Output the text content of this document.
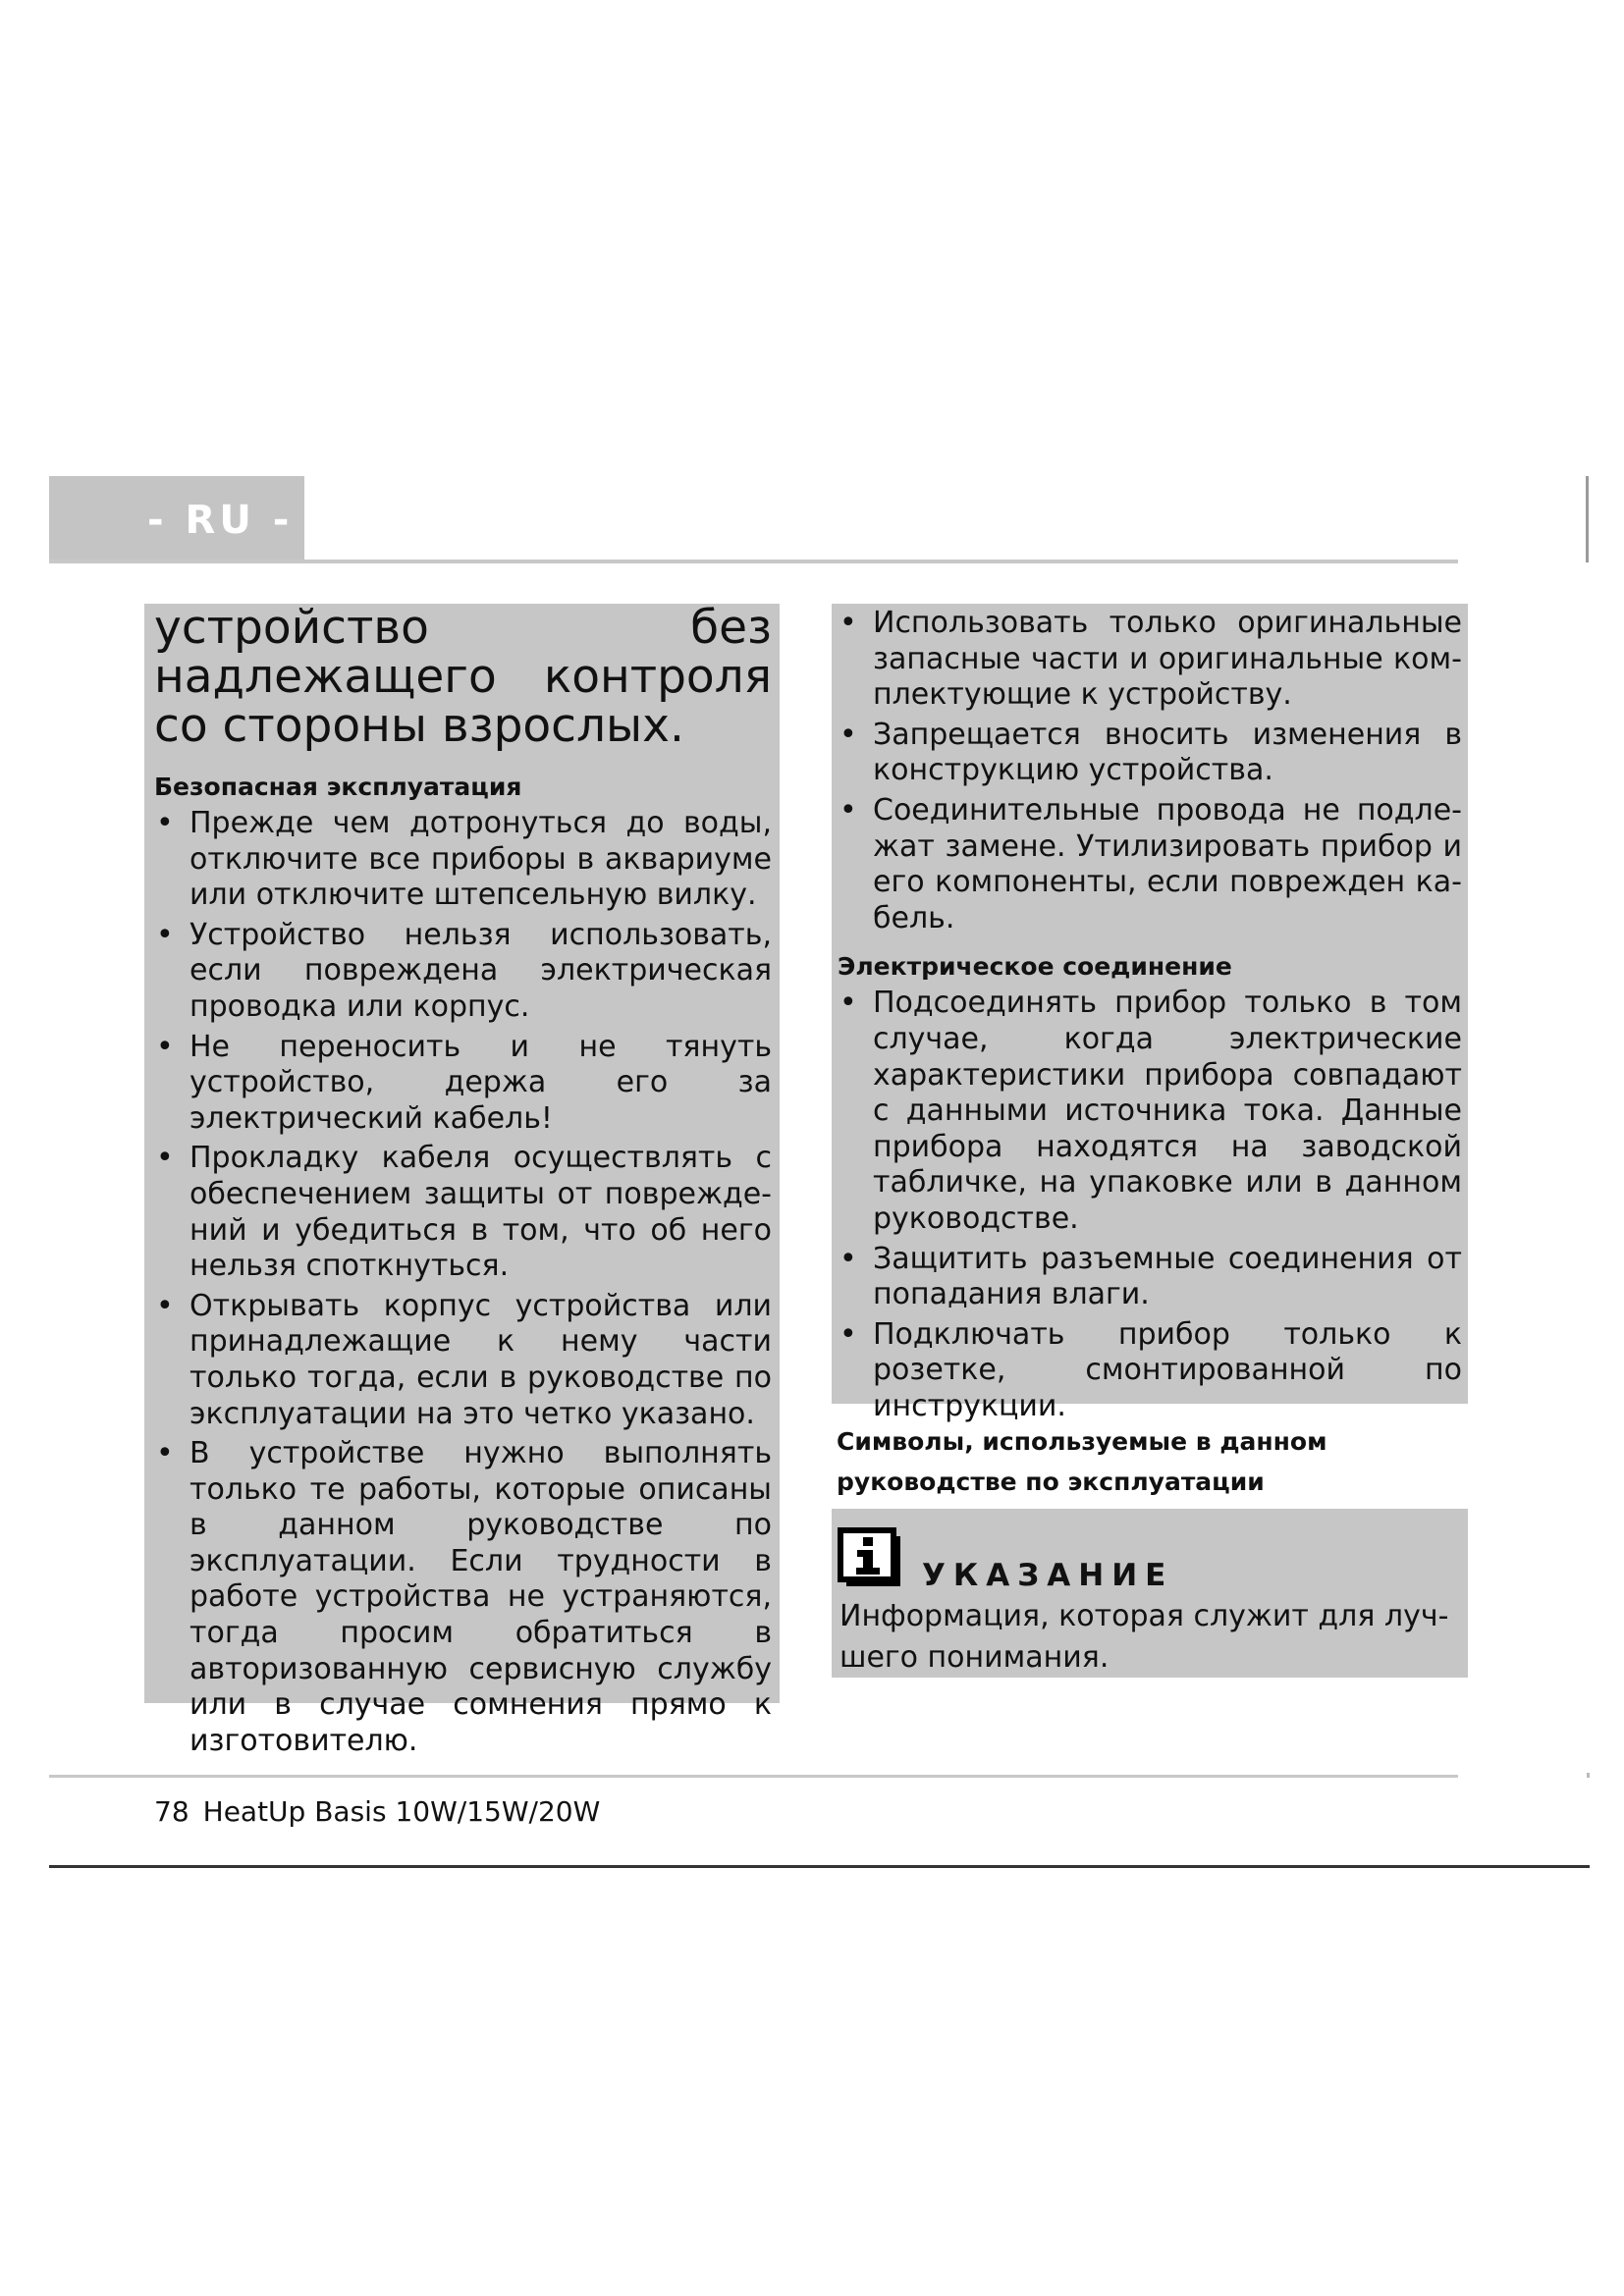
- RU -

устройство без надлежащего контроля со стороны взрослых.

Безопасная эксплуатация
• Прежде чем дотронуться до воды, отключите все приборы в аквариуме или отключите штепсельную вилку.
• Устройство нельзя использовать, если повреждена электрическая проводка или корпус.
• Не переносить и не тянуть устройство, держа его за электрический кабель!
• Прокладку кабеля осуществлять с обеспечением защиты от повреждений и убедиться в том, что об него нельзя споткнуться.
• Открывать корпус устройства или принадлежащие к нему части только тогда, если в руководстве по эксплуатации на это четко указано.
• В устройстве нужно выполнять только те работы, которые описаны в данном руководстве по эксплуатации. Если трудности в работе устройства не устраняются, тогда просим обратиться в авторизованную сервисную службу или в случае сомнения прямо к изготовителю.
• Использовать только оригинальные запасные части и оригинальные комплектующие к устройству.
• Запрещается вносить изменения в конструкцию устройства.
• Соединительные провода не подлежат замене. Утилизировать прибор и его компоненты, если поврежден кабель.
Электрическое соединение
• Подсоединять прибор только в том случае, когда электрические характеристики прибора совпадают с данными источника тока. Данные прибора находятся на заводской табличке, на упаковке или в данном руководстве.
• Защитить разъемные соединения от попадания влаги.
• Подключать прибор только к розетке, смонтированной по инструкции.

Символы, используемые в данном руководстве по эксплуатации

УКАЗАНИЕ

Информация, которая служит для лучшего понимания.

78 HeatUp Basis 10W/15W/20W
